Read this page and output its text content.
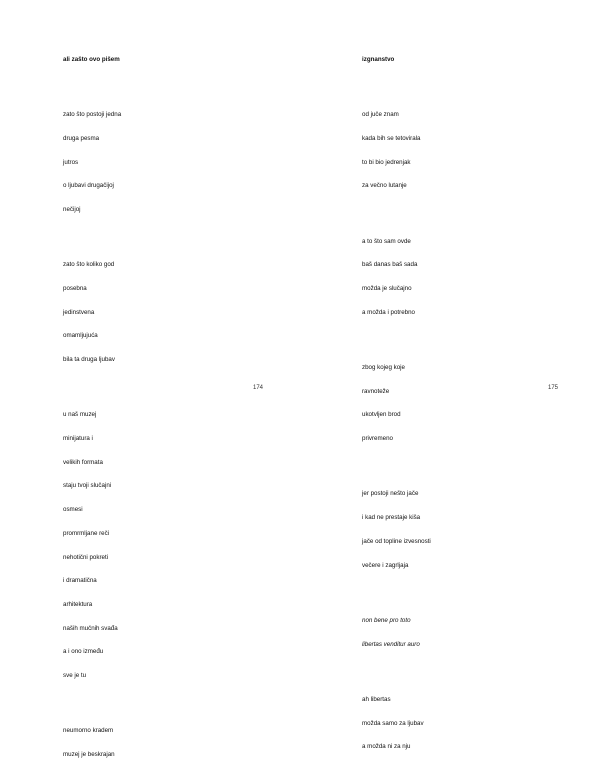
ali zašto ovo pišem

zato što postoji jedna

druga pesma

jutros

o ljubavi drugačijoj

nečijoj

zato što koliko god

posebna

jedinstvena

omamljujuća

bila ta druga ljubav

u naš muzej

minijatura i

velikih formata

staju tvoji slučajni

osmesi

promrmljane reči

nehotični pokreti

i dramatična

arhitektura

naših mučnih svađa

a i ono između

sve je tu

neumorno kradem

muzej je beskrajan

174

izgnanstvo

od juče znam

kada bih se tetovirala

to bi bio jedrenjak

za večno lutanje

a to što sam ovde

baš danas baš sada

možda je slučajno

a možda i potrebno

zbog kojeg koje

ravnoteže

ukotvljen brod

privremeno

jer postoji nešto jače

i kad ne prestaje kiša

jače od topline izvesnosti

večere i zagrljaja

non bene pro toto

libertas venditur auro

ah libertas

možda samo za ljubav

a možda ni za nju

175
